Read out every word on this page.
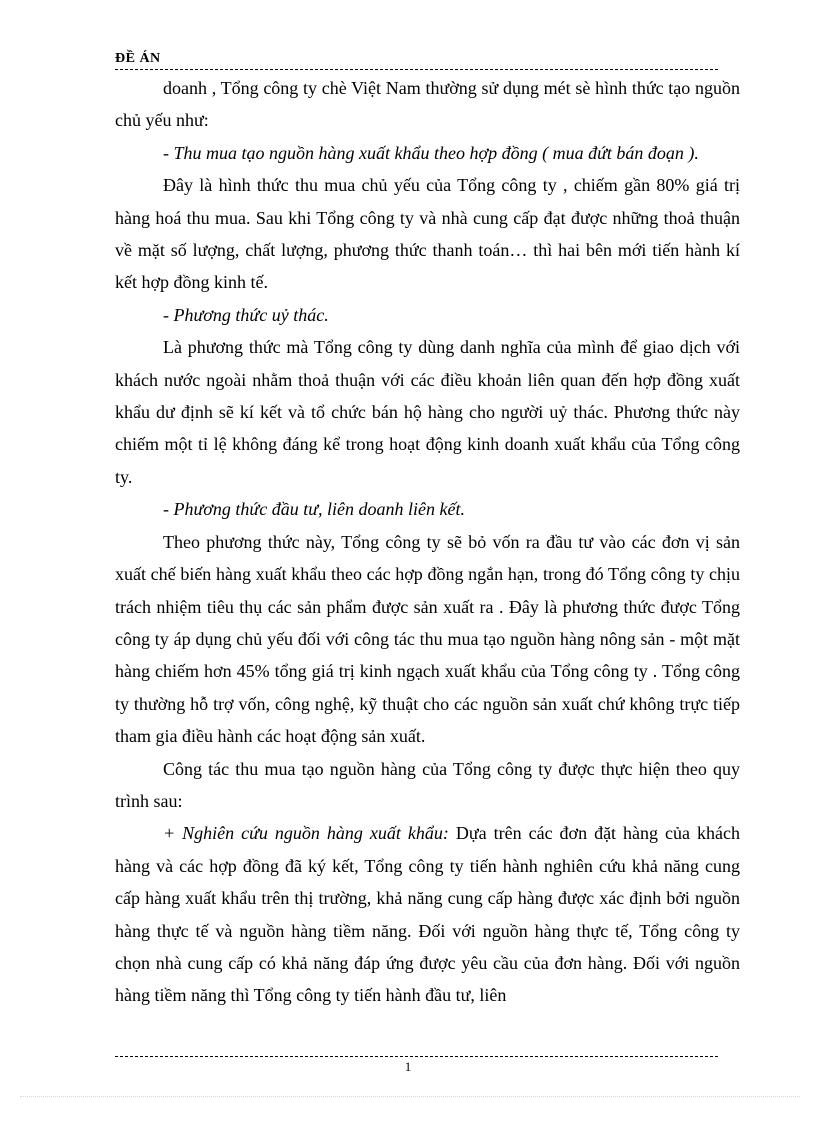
ĐỀ ÁN

doanh , Tổng công ty chè Việt Nam thường sử dụng mét sè hình thức tạo nguồn chủ yếu như:

- Thu mua tạo nguồn hàng xuất khẩu theo hợp đồng ( mua đứt bán đoạn ).

Đây là hình thức thu mua chủ yếu của Tổng công ty , chiếm gần 80% giá trị hàng hoá thu mua. Sau khi Tổng công ty và nhà cung cấp đạt được những thoả thuận về mặt số lượng, chất lượng, phương thức thanh toán… thì hai bên mới tiến hành kí kết hợp đồng kinh tế.

- Phương thức uỷ thác.

Là phương thức mà Tổng công ty dùng danh nghĩa của mình để giao dịch với khách nước ngoài nhằm thoả thuận với các điều khoản liên quan đến hợp đồng xuất khẩu dư định sẽ kí kết và tổ chức bán hộ hàng cho người uỷ thác. Phương thức này chiếm một tỉ lệ không đáng kể trong hoạt động kinh doanh xuất khẩu của Tổng công ty.

- Phương thức đầu tư, liên doanh liên kết.

Theo phương thức này, Tổng công ty sẽ bỏ vốn ra đầu tư vào các đơn vị sản xuất chế biến hàng xuất khẩu theo các hợp đồng ngắn hạn, trong đó Tổng công ty chịu trách nhiệm tiêu thụ các sản phẩm được sản xuất ra . Đây là phương thức được Tổng công ty áp dụng chủ yếu đối với công tác thu mua tạo nguồn hàng nông sản - một mặt hàng chiếm hơn 45% tổng giá trị kinh ngạch xuất khẩu của Tổng công ty . Tổng công ty thường hỗ trợ vốn, công nghệ, kỹ thuật cho các nguồn sản xuất chứ không trực tiếp tham gia điều hành các hoạt động sản xuất.

Công tác thu mua tạo nguồn hàng của Tổng công ty được thực hiện theo quy trình sau:

+ Nghiên cứu nguồn hàng xuất khẩu: Dựa trên các đơn đặt hàng của khách hàng và các hợp đồng đã ký kết, Tổng công ty tiến hành nghiên cứu khả năng cung cấp hàng xuất khẩu trên thị trường, khả năng cung cấp hàng được xác định bởi nguồn hàng thực tế và nguồn hàng tiềm năng. Đối với nguồn hàng thực tế, Tổng công ty chọn nhà cung cấp có khả năng đáp ứng được yêu cầu của đơn hàng. Đối với nguồn hàng tiềm năng thì Tổng công ty tiến hành đầu tư, liên

1
